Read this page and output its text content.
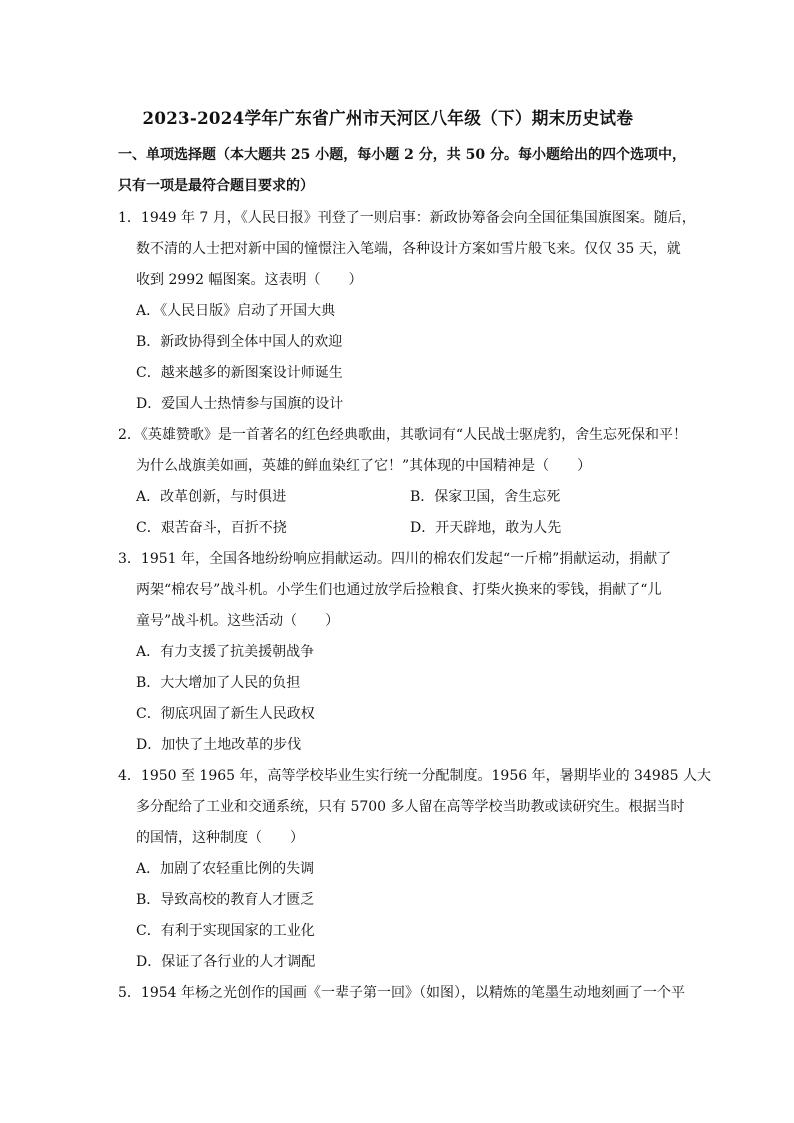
2023-2024学年广东省广州市天河区八年级（下）期末历史试卷
一、单项选择题（本大题共 25 小题，每小题 2 分，共 50 分。每小题给出的四个选项中，
只有一项是最符合题目要求的）
1．1949 年 7 月，《人民日报》刊登了一则启事：新政协筹备会向全国征集国旗图案。随后，
数不清的人士把对新中国的憧憬注入笔端，各种设计方案如雪片般飞来。仅仅 35 天，就
收到 2992 幅图案。这表明（　　）
A．《人民日版》启动了开国大典
B．新政协得到全体中国人的欢迎
C．越来越多的新图案设计师诞生
D．爱国人士热情参与国旗的设计
2．《英雄赞歌》是一首著名的红色经典歌曲，其歌词有“人民战士驱虎豹，舍生忘死保和平！
为什么战旗美如画，英雄的鲜血染红了它！”其体现的中国精神是（　　）
A．改革创新，与时俱进	B．保家卫国，舍生忘死
C．艰苦奋斗，百折不挠	D．开天辟地，敢为人先
3．1951 年，全国各地纷纷响应捐献运动。四川的棉农们发起“一斤棉”捐献运动，捐献了
两架“棉农号”战斗机。小学生们也通过放学后捡粮食、打柴火换来的零钱，捐献了“儿
童号”战斗机。这些活动（　　）
A．有力支援了抗美援朝战争
B．大大增加了人民的负担
C．彻底巩固了新生人民政权
D．加快了土地改革的步伐
4．1950 至 1965 年，高等学校毕业生实行统一分配制度。1956 年，暑期毕业的 34985 人大
多分配给了工业和交通系统，只有 5700 多人留在高等学校当助教或读研究生。根据当时
的国情，这种制度（　　）
A．加剧了农轻重比例的失调
B．导致高校的教育人才匮乏
C．有利于实现国家的工业化
D．保证了各行业的人才调配
5．1954 年杨之光创作的国画《一辈子第一回》（如图），以精炼的笔墨生动地刻画了一个平
